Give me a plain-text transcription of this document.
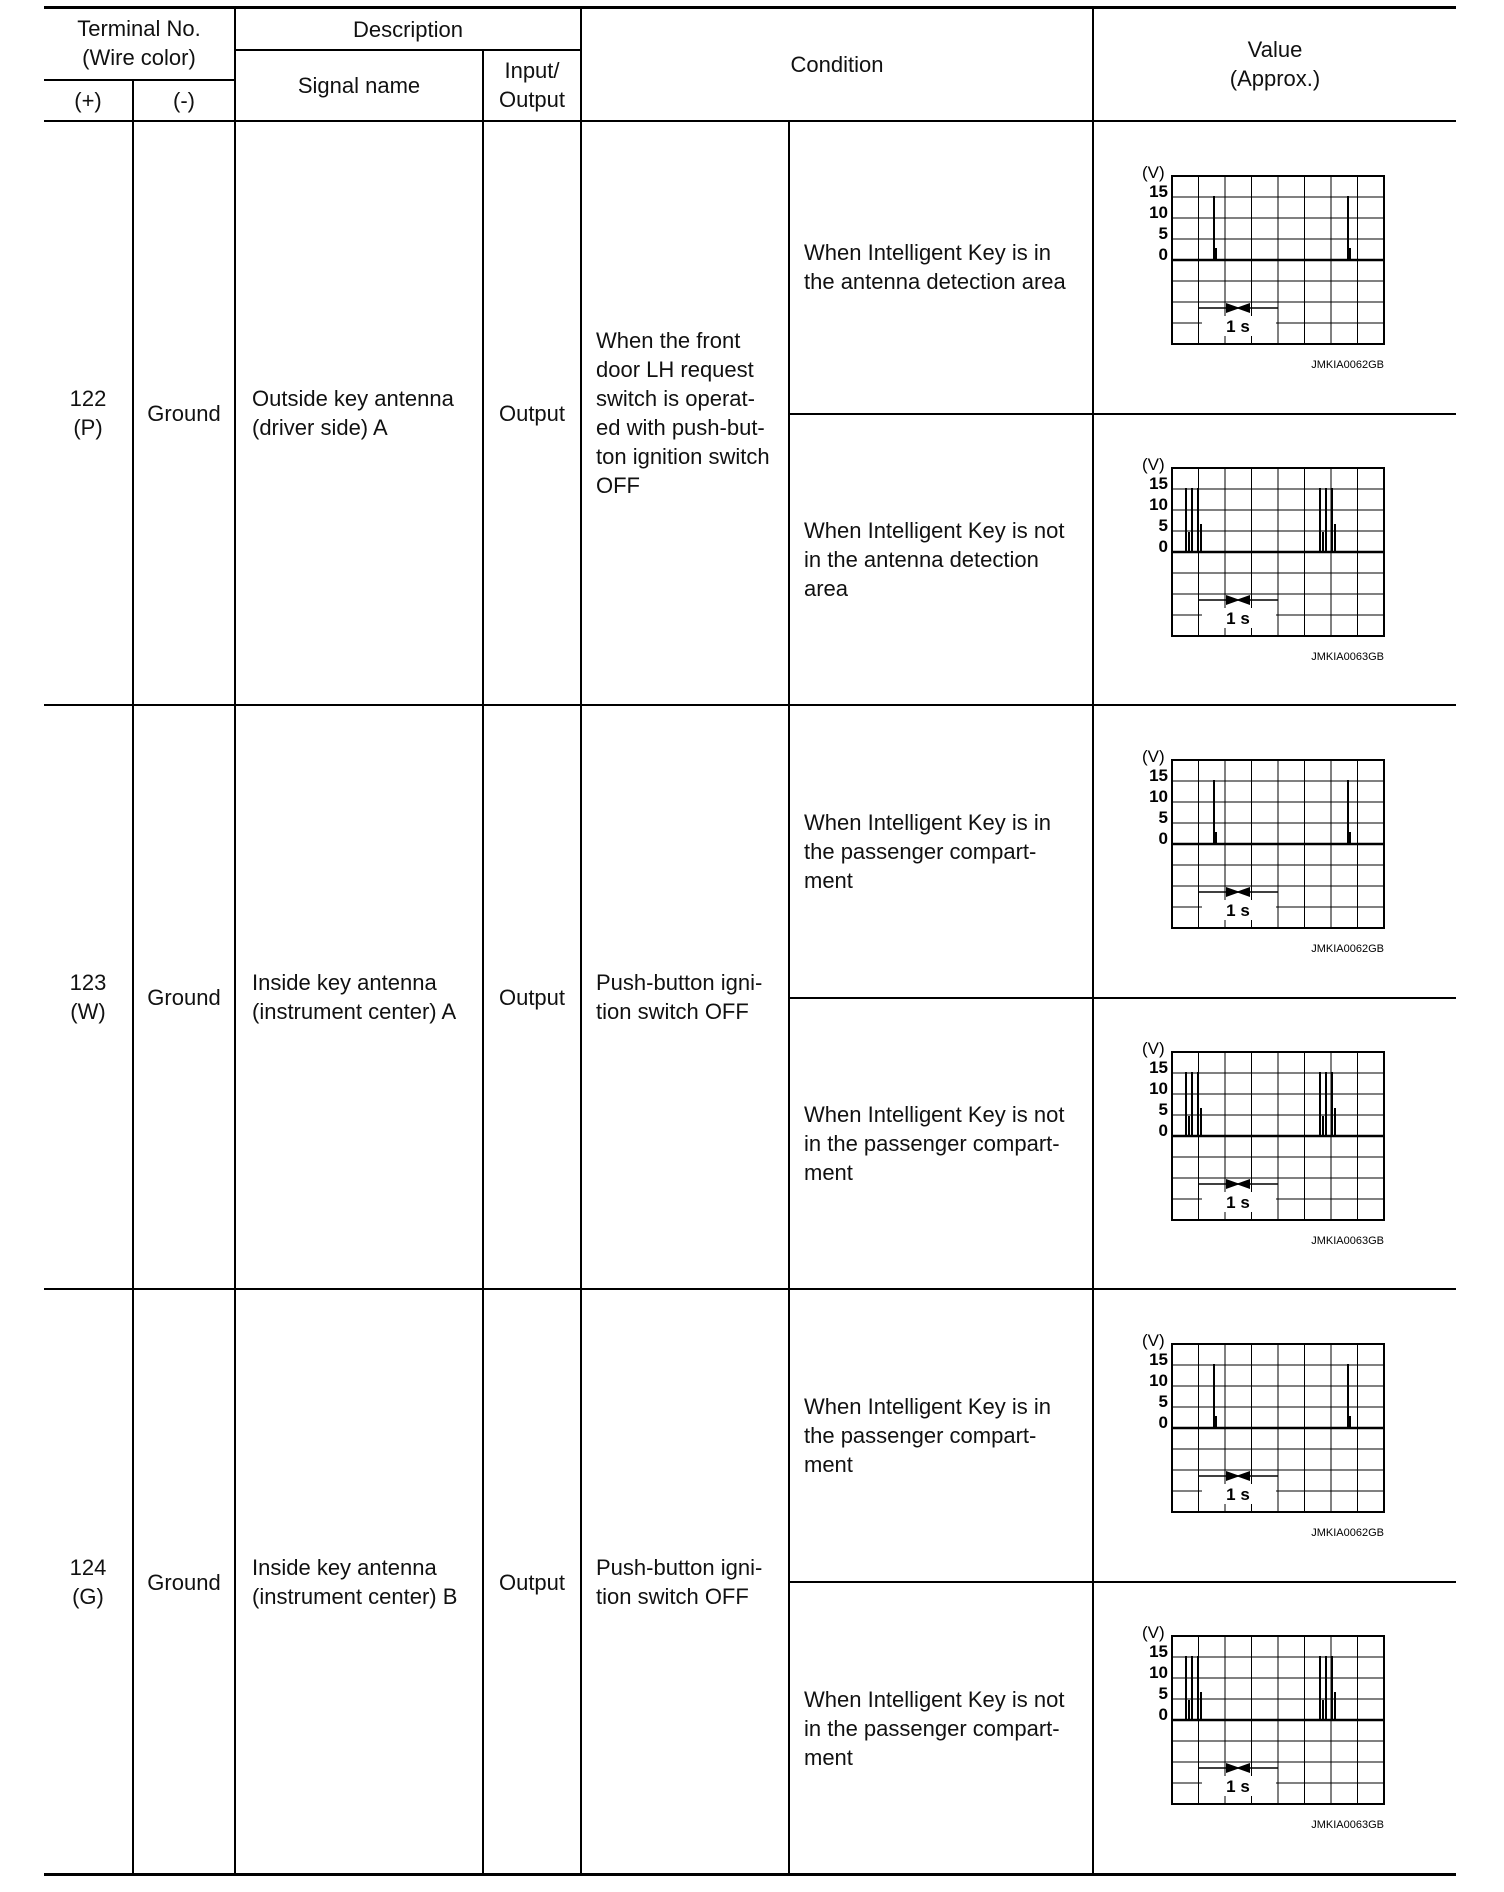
Terminal No.
(Wire color)
(+)	(-)
Description
Signal name
Input/
Output
Condition
Value
(Approx.)
122
(P)
Ground
Outside key antenna
(driver side) A
Output
When the front
door LH request
switch is operat-
ed with push-but-
ton ignition switch
OFF
When Intelligent Key is in
the antenna detection area
When Intelligent Key is not
in the antenna detection
area
123
(W)
Ground
Inside key antenna
(instrument center) A
Output
Push-button igni-
tion switch OFF
When Intelligent Key is in
the passenger compart-
ment
When Intelligent Key is not
in the passenger compart-
ment
124
(G)
Ground
Inside key antenna
(instrument center) B
Output
Push-button igni-
tion switch OFF
When Intelligent Key is in
the passenger compart-
ment
When Intelligent Key is not
in the passenger compart-
ment
(V)
15
10
5
0
1 s
JMKIA0062GB
(V)
15
10
5
0
1 s
JMKIA0063GB
(V)
15
10
5
0
1 s
JMKIA0062GB
(V)
15
10
5
0
1 s
JMKIA0063GB
(V)
15
10
5
0
1 s
JMKIA0062GB
(V)
15
10
5
0
1 s
JMKIA0063GB
